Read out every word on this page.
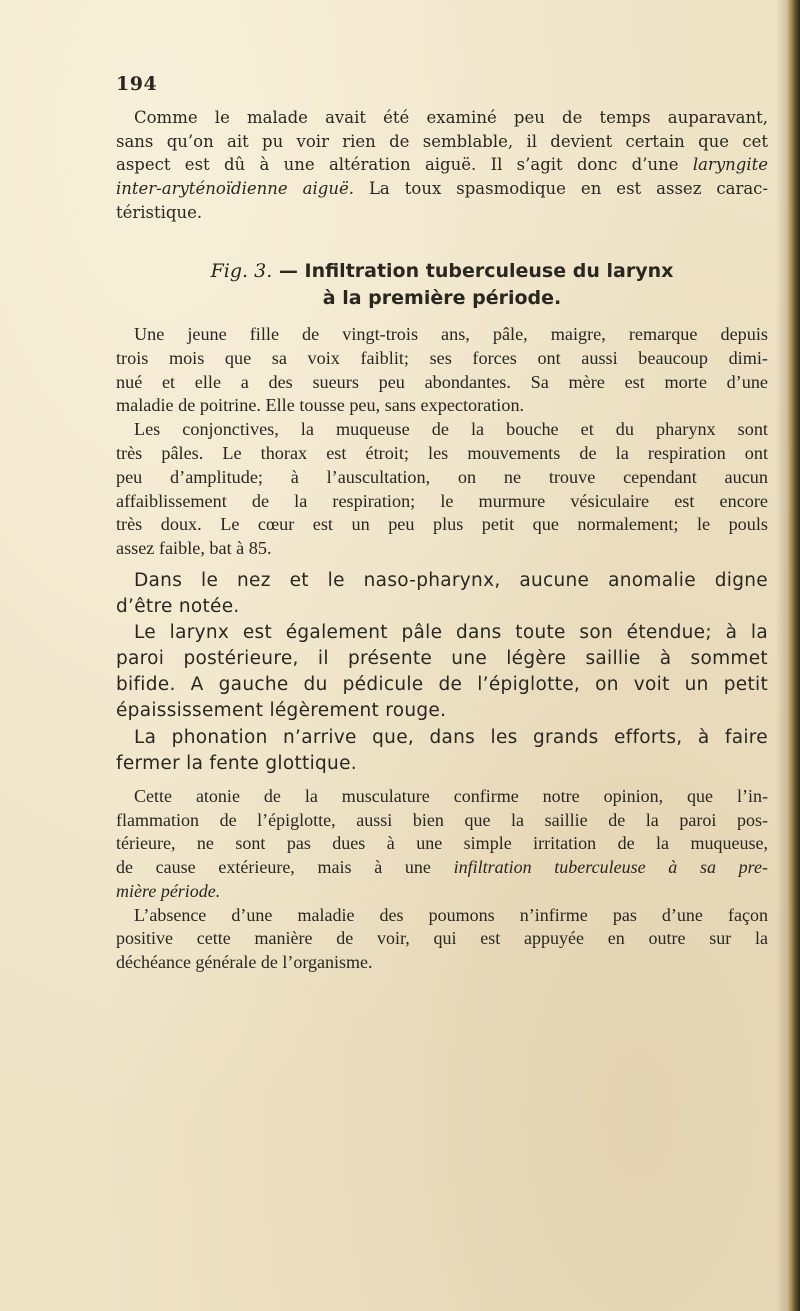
194
Comme le malade avait été examiné peu de temps auparavant,
sans qu’on ait pu voir rien de semblable, il devient certain que cet
aspect est dû à une altération aiguë. Il s’agit donc d’une laryngite
inter-aryténoïdienne aiguë. La toux spasmodique en est assez carac-
téristique.
Fig. 3. — Infiltration tuberculeuse du larynx
à la première période.
Une jeune fille de vingt-trois ans, pâle, maigre, remarque depuis
trois mois que sa voix faiblit; ses forces ont aussi beaucoup dimi-
nué et elle a des sueurs peu abondantes. Sa mère est morte d’une
maladie de poitrine. Elle tousse peu, sans expectoration.
Les conjonctives, la muqueuse de la bouche et du pharynx sont
très pâles. Le thorax est étroit; les mouvements de la respiration ont
peu d’amplitude; à l’auscultation, on ne trouve cependant aucun
affaiblissement de la respiration; le murmure vésiculaire est encore
très doux. Le cœur est un peu plus petit que normalement; le pouls
assez faible, bat à 85.
Dans le nez et le naso-pharynx, aucune anomalie digne
d’être notée.
Le larynx est également pâle dans toute son étendue; à la
paroi postérieure, il présente une légère saillie à sommet
bifide. A gauche du pédicule de l’épiglotte, on voit un petit
épaississement légèrement rouge.
La phonation n’arrive que, dans les grands efforts, à faire
fermer la fente glottique.
Cette atonie de la musculature confirme notre opinion, que l’in-
flammation de l’épiglotte, aussi bien que la saillie de la paroi pos-
térieure, ne sont pas dues à une simple irritation de la muqueuse,
de cause extérieure, mais à une infiltration tuberculeuse à sa pre-
mière période.
L’absence d’une maladie des poumons n’infirme pas d’une façon
positive cette manière de voir, qui est appuyée en outre sur la
déchéance générale de l’organisme.
